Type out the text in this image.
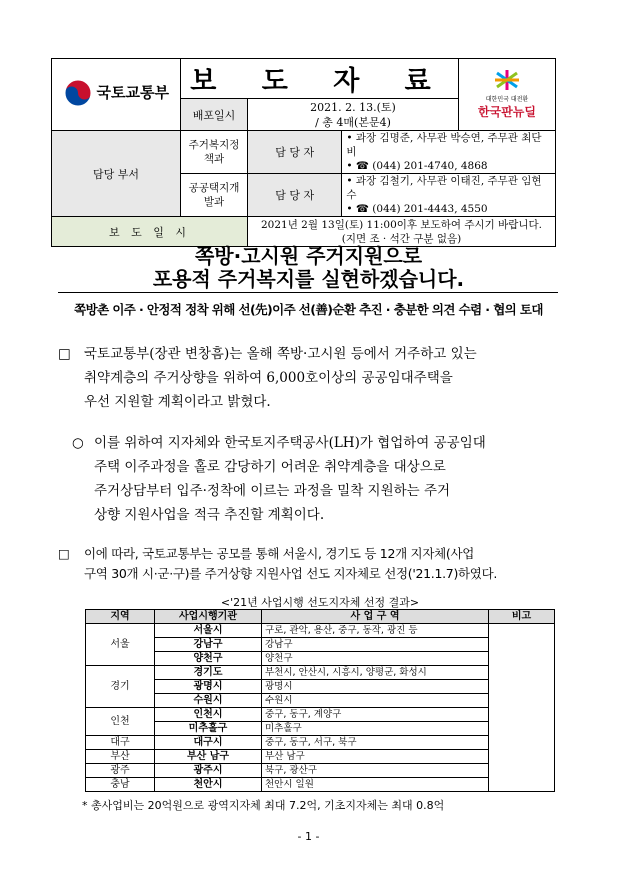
국토교통부	보 도 자 료			대한민국 대전환
한국판뉴딜

	배포일시	2021. 2. 13.(토)
/ 총 4매(본문4)		

담당 부서	주거복지정책과	담 당 자	• 과장 김명준, 사무관 박승연, 주무관 최단비
• ☎ (044) 201-4740, 4868	

	공공택지개발과	담 당 자	• 과장 김철기, 사무관 이태진, 주무관 임현수
• ☎ (044) 201-4443, 4550	

보 도 일 시		2021년 2월 13일(토) 11:00이후 보도하여 주시기 바랍니다.
(지면 조 · 석간 구분 없음)		
쪽방·고시원 주거지원으로
포용적 주거복지를 실현하겠습니다.
쪽방촌 이주 · 안정적 정착 위해 선(先)이주 선(善)순환 추진 · 충분한 의견 수렴 · 협의 토대
□ 국토교통부(장관 변창흠)는 올해 쪽방·고시원 등에서 거주하고 있는
취약계층의 주거상향을 위하여 6,000호이상의 공공임대주택을
우선 지원할 계획이라고 밝혔다.
○ 이를 위하여 지자체와 한국토지주택공사(LH)가 협업하여 공공임대
주택 이주과정을 홀로 감당하기 어려운 취약계층을 대상으로
주거상담부터 입주·정착에 이르는 과정을 밀착 지원하는 주거
상향 지원사업을 적극 추진할 계획이다.
□ 이에 따라, 국토교통부는 공모를 통해 서울시, 경기도 등 12개 지자체(사업
구역 30개 시·군·구)를 주거상향 지원사업 선도 지자체로 선정('21.1.7)하였다.
<'21년 사업시행 선도지자체 선정 결과>
지역	사업시행기관	사 업 구 역	비고
서울	서울시	구로, 관악, 용산, 중구, 동작, 광진 등	
	강남구	강남구	
	양천구	양천구	
경기	경기도	부천시, 안산시, 시흥시, 양평군, 화성시	
	광명시	광명시	
	수원시	수원시	
인천	인천시	중구, 동구, 계양구	
	미추홀구	미추홀구	
대구	대구시	중구, 동구, 서구, 북구	
부산	부산 남구	부산 남구	
광주	광주시	북구, 광산구	
충남	천안시	천안시 일원	
* 총사업비는 20억원으로 광역지자체 최대 7.2억, 기초지자체는 최대 0.8억
- 1 -
